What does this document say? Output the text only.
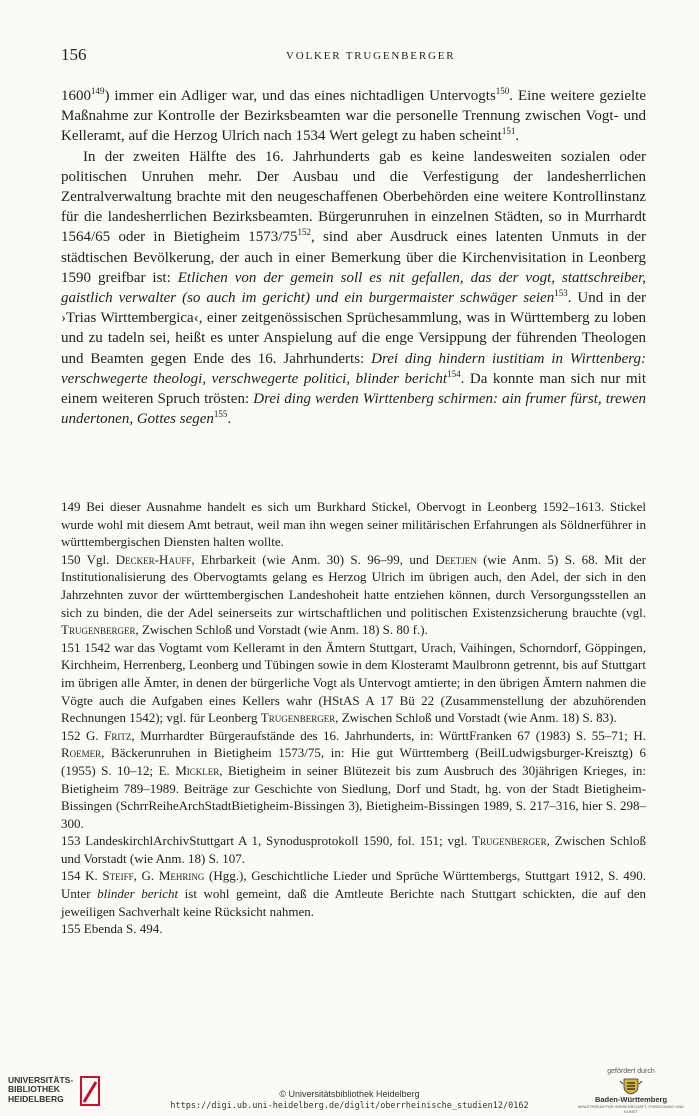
156	VOLKER TRUGENBERGER

1600$^{149}$) immer ein Adliger war, und das eines nichtadligen Untervogts$^{150}$. Eine weitere gezielte Maßnahme zur Kontrolle der Bezirksbeamten war die personelle Trennung zwischen Vogt- und Kelleramt, auf die Herzog Ulrich nach 1534 Wert gelegt zu haben scheint$^{151}$.

In der zweiten Hälfte des 16. Jahrhunderts gab es keine landesweiten sozialen oder politischen Unruhen mehr. Der Ausbau und die Verfestigung der landesherrlichen Zentralverwaltung brachte mit den neugeschaffenen Oberbehörden eine weitere Kontrollinstanz für die landesherrlichen Bezirksbeamten. Bürgerunruhen in einzelnen Städten, so in Murrhardt 1564/65 oder in Bietigheim $1573/75^{152}$, sind aber Ausdruck eines latenten Unmuts in der städtischen Bevölkerung, der auch in einer Bemerkung über die Kirchenvisitation in Leonberg 1590 greifbar ist: Etlichen von der gemein soll es nit gefallen, das der vogt, stattschreiber, gaistlich verwalter (so auch im gericht) und ein burgermaister schwäger seien$^{153}$. Und in der ›Trias Wirttembergica‹, einer zeitgenössischen Sprüchesammlung, was in Württemberg zu loben und zu tadeln sei, heißt es unter Anspielung auf die enge Versippung der führenden Theologen und Beamten gegen Ende des 16. Jahrhunderts: Drei ding hindern iustitiam in Wirttenberg: verschwegerte theologi, verschwegerte politici, blinder bericht$^{154}$. Da konnte man sich nur mit einem weiteren Spruch trösten: Drei ding werden Wirttenberg schirmen: ain frumer fürst, trewen undertonen, Gottes segen$^{155}$.

149 Bei dieser Ausnahme handelt es sich um Burkhard Stickel, Obervogt in Leonberg 1592–1613. Stickel wurde wohl mit diesem Amt betraut, weil man ihn wegen seiner militärischen Erfahrungen als Söldnerführer in württembergischen Diensten halten wollte.

150 Vgl. Decker-Hauff, Ehrbarkeit (wie Anm. 30) S. 96–99, und Deetjen (wie Anm. 5) S. 68. Mit der Institutionalisierung des Obervogtamts gelang es Herzog Ulrich im übrigen auch, den Adel, der sich in den Jahrzehnten zuvor der württembergischen Landeshoheit hatte entziehen können, durch Versorgungsstellen an sich zu binden, die der Adel seinerseits zur wirtschaftlichen und politischen Existenzsicherung brauchte (vgl. Trugenberger, Zwischen Schloß und Vorstadt (wie Anm. 18) S. 80 f.).

151 1542 war das Vogtamt vom Kelleramt in den Ämtern Stuttgart, Urach, Vaihingen, Schorndorf, Göppingen, Kirchheim, Herrenberg, Leonberg und Tübingen sowie in dem Klosteramt Maulbronn getrennt, bis auf Stuttgart im übrigen alle Ämter, in denen der bürgerliche Vogt als Untervogt amtierte; in den übrigen Ämtern nahmen die Vögte auch die Aufgaben eines Kellers wahr (HStAS A 17 Bü 22 (Zusammenstellung der abzuhörenden Rechnungen 1542); vgl. für Leonberg Trugenberger, Zwischen Schloß und Vorstadt (wie Anm. 18) S. 83).

152 G. Fritz, Murrhardter Bürgeraufstände des 16. Jahrhunderts, in: WürttFranken 67 (1983) S. 55–71; H. Roemer, Bäckerunruhen in Bietigheim 1573/75, in: Hie gut Württemberg (BeilLudwigsburger-Kreisztg) 6 (1955) S. 10–12; E. Mickler, Bietigheim in seiner Blütezeit bis zum Ausbruch des 30jährigen Krieges, in: Bietigheim 789–1989. Beiträge zur Geschichte von Siedlung, Dorf und Stadt, hg. von der Stadt Bietigheim-Bissingen (SchrrReiheArchStadtBietigheim-Bissingen 3), Bietigheim-Bissingen 1989, S. 217–316, hier S. 298–300.

153 LandeskirchlArchivStuttgart A 1, Synodusprotokoll 1590, fol. 151; vgl. Trugenberger, Zwischen Schloß und Vorstadt (wie Anm. 18) S. 107.

154 K. Steiff, G. Mehring (Hgg.), Geschichtliche Lieder und Sprüche Württembergs, Stuttgart 1912, S. 490. Unter blinder bericht ist wohl gemeint, daß die Amtleute Berichte nach Stuttgart schickten, die auf den jeweiligen Sachverhalt keine Rücksicht nahmen.

155 Ebenda S. 494.

UNIVERSITÄTS-
BIBLIOTHEK
HEIDELBERG	© Universitätsbibliothek Heidelberg
https://digi.ub.uni-heidelberg.de/diglit/oberrheinische_studien12/0162
gefördert durch
Baden-Württemberg
MINISTERIUM FÜR WISSENSCHAFT, FORSCHUNG UND KUNST
